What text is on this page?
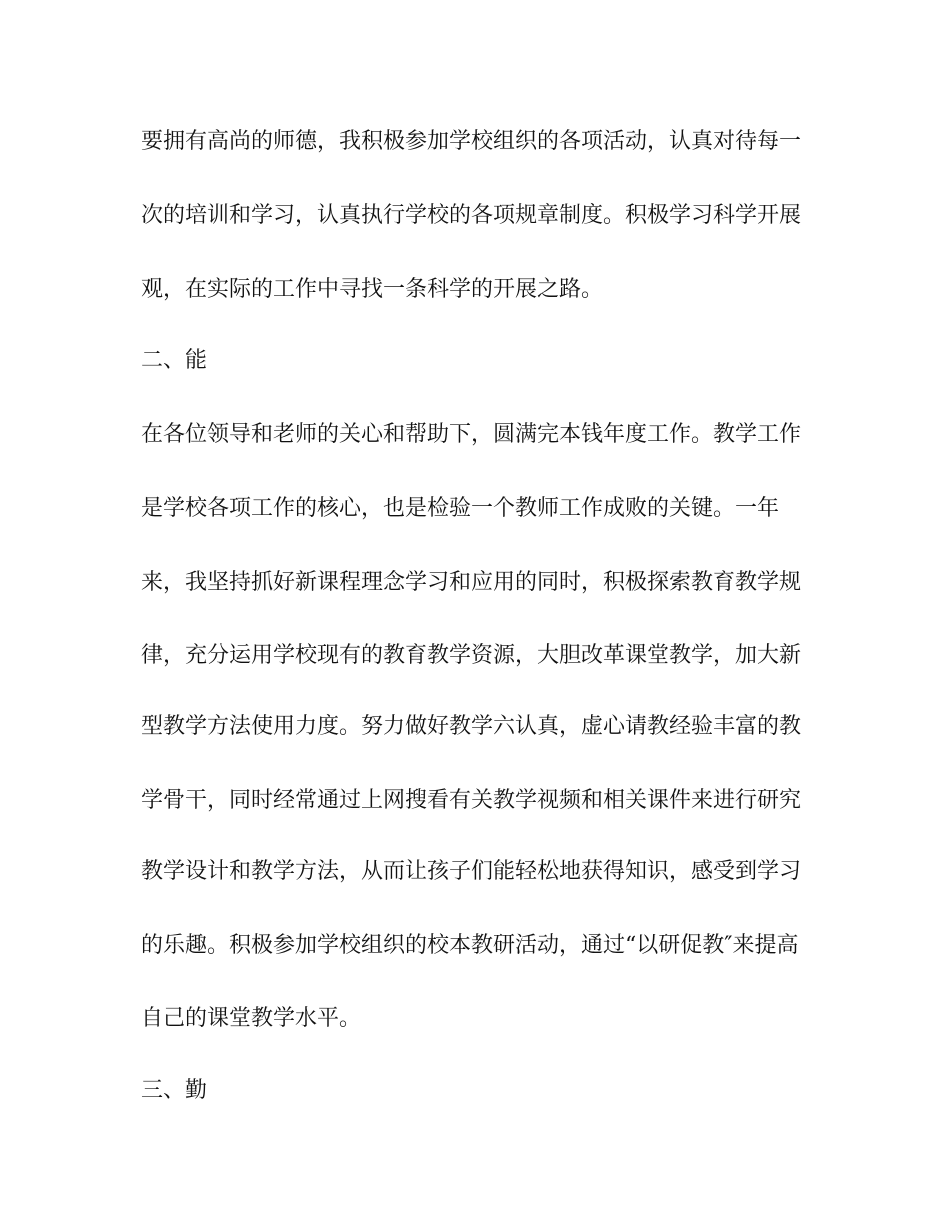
要拥有高尚的师德，我积极参加学校组织的各项活动，认真对待每一

次的培训和学习，认真执行学校的各项规章制度。积极学习科学开展

观，在实际的工作中寻找一条科学的开展之路。

二、能

在各位领导和老师的关心和帮助下，圆满完本钱年度工作。教学工作

是学校各项工作的核心，也是检验一个教师工作成败的关键。一年

来，我坚持抓好新课程理念学习和应用的同时，积极探索教育教学规

律，充分运用学校现有的教育教学资源，大胆改革课堂教学，加大新

型教学方法使用力度。努力做好教学六认真，虚心请教经验丰富的教

学骨干，同时经常通过上网搜看有关教学视频和相关课件来进行研究

教学设计和教学方法，从而让孩子们能轻松地获得知识，感受到学习

的乐趣。积极参加学校组织的校本教研活动，通过“以研促教″来提高

自己的课堂教学水平。

三、勤
